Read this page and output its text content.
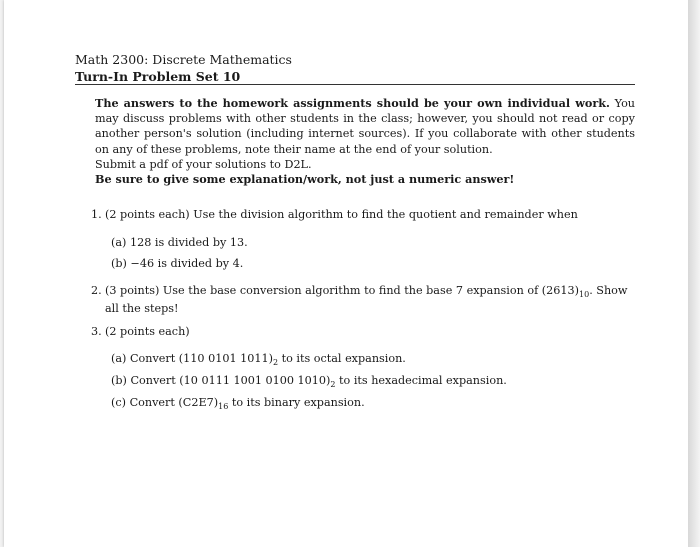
Math 2300: Discrete Mathematics
Turn-In Problem Set 10
The answers to the homework assignments should be your own individual work. You may discuss problems with other students in the class; however, you should not read or copy another person's solution (including internet sources). If you collaborate with other students on any of these problems, note their name at the end of your solution.
Submit a pdf of your solutions to D2L.
Be sure to give some explanation/work, not just a numeric answer!
1. (2 points each) Use the division algorithm to find the quotient and remainder when
(a) 128 is divided by 13.
(b) −46 is divided by 4.
2. (3 points) Use the base conversion algorithm to find the base 7 expansion of $(2613)_{10}$. Show all the steps!
3. (2 points each)
(a) Convert (110 0101 $1011)_2$ to its octal expansion.
(b) Convert (10 0111 1001 0100 $1010)_2$ to its hexadecimal expansion.
(c) Convert $(C2E7)_{16}$ to its binary expansion.
